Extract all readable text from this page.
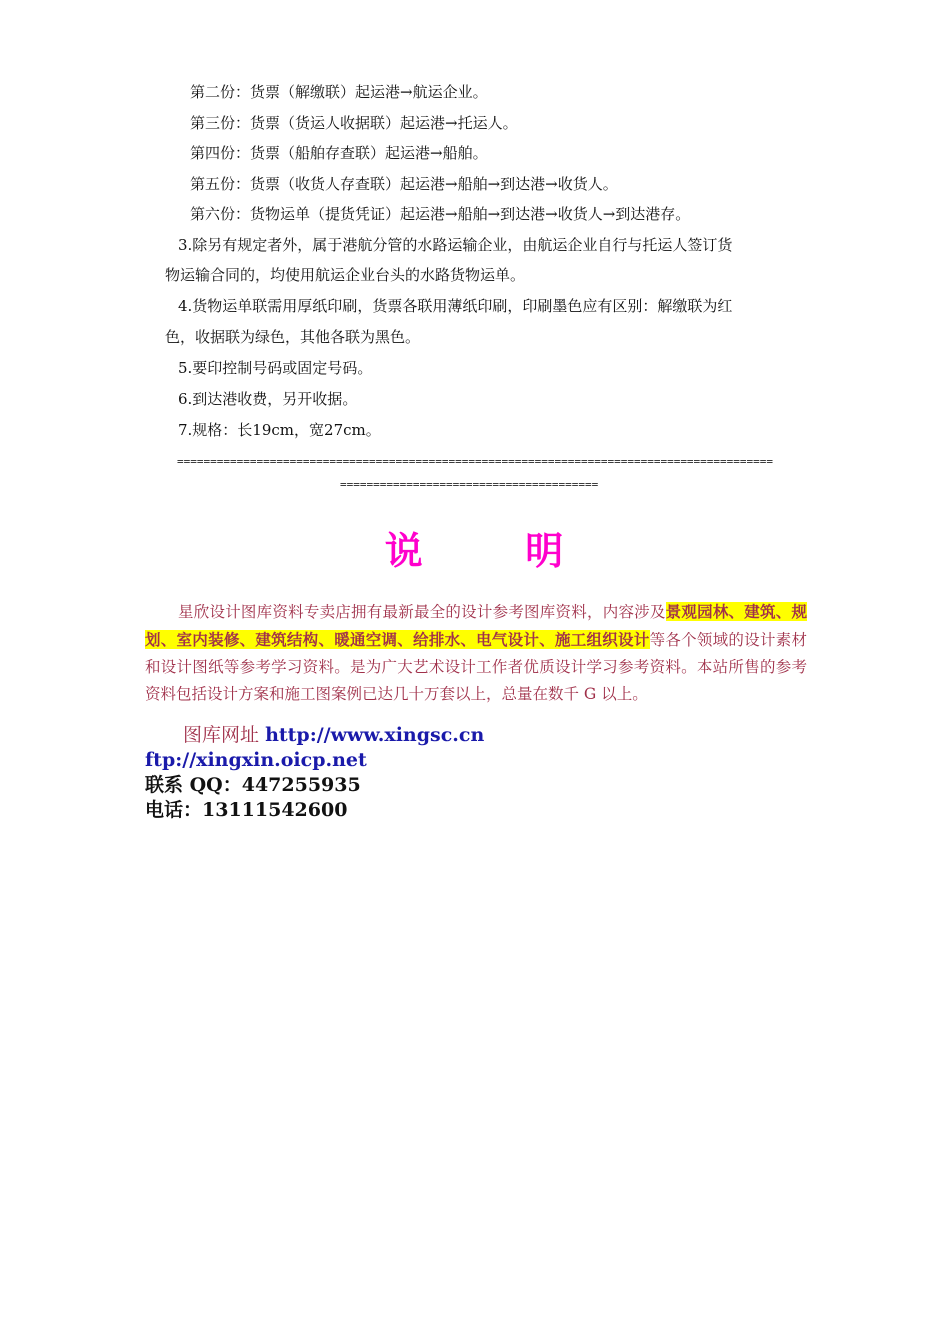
第二份：货票（解缴联）起运港→航运企业。
第三份：货票（货运人收据联）起运港→托运人。
第四份：货票（船舶存查联）起运港→船舶。
第五份：货票（收货人存查联）起运港→船舶→到达港→收货人。
第六份：货物运单（提货凭证）起运港→船舶→到达港→收货人→到达港存。
3.除另有规定者外，属于港航分管的水路运输企业，由航运企业自行与托运人签订货
物运输合同的，均使用航运企业台头的水路货物运单。
4.货物运单联需用厚纸印刷，货票各联用薄纸印刷，印刷墨色应有区别：解缴联为红
色，收据联为绿色，其他各联为黑色。
5.要印控制号码或固定号码。
6.到达港收费，另开收据。
7.规格：长19cm，宽27cm。
==========================================================================================
=======================================
说	明
星欣设计图库资料专卖店拥有最新最全的设计参考图库资料，内容涉及景观园林、建筑、规划、室内装修、建筑结构、暖通空调、给排水、电气设计、施工组织设计等各个领域的设计素材和设计图纸等参考学习资料。是为广大艺术设计工作者优质设计学习参考资料。本站所售的参考资料包括设计方案和施工图案例已达几十万套以上，总量在数千 G 以上。
图库网址 http://www.xingsc.cn
ftp://xingxin.oicp.net
联系 QQ：447255935
电话：13111542600
